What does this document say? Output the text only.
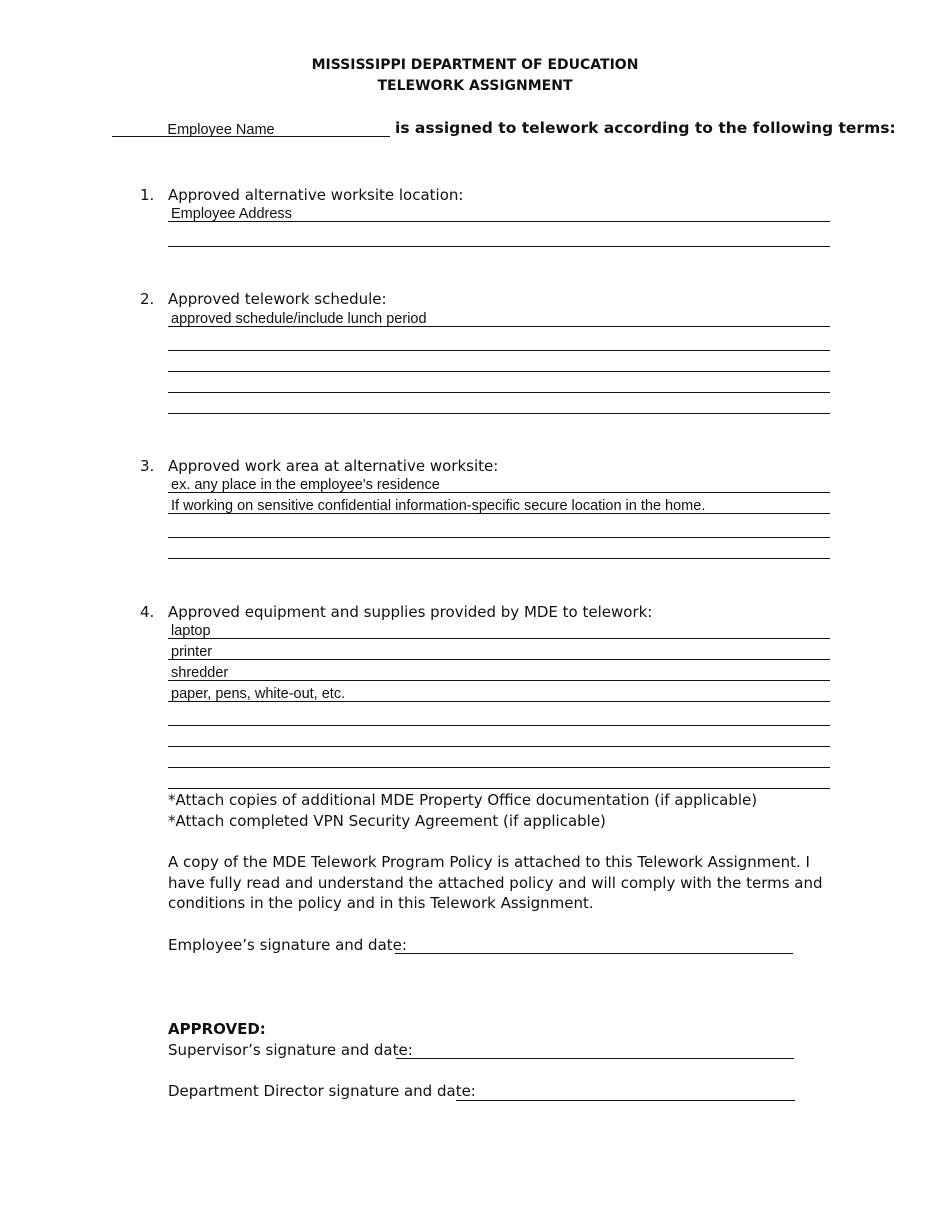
MISSISSIPPI DEPARTMENT OF EDUCATION
TELEWORK ASSIGNMENT
Employee Name	is assigned to telework according to the following terms:
1. Approved alternative worksite location:
Employee Address
2. Approved telework schedule:
approved schedule/include lunch period
3. Approved work area at alternative worksite:
ex. any place in the employee's residence
If working on sensitive confidential information-specific secure location in the home.
4. Approved equipment and supplies provided by MDE to telework:
laptop
printer
shredder
paper, pens, white-out, etc.
*Attach copies of additional MDE Property Office documentation (if applicable)
*Attach completed VPN Security Agreement (if applicable)
A copy of the MDE Telework Program Policy is attached to this Telework Assignment. I have fully read and understand the attached policy and will comply with the terms and conditions in the policy and in this Telework Assignment.
Employee’s signature and date:
APPROVED:
Supervisor’s signature and date:
Department Director signature and date:
